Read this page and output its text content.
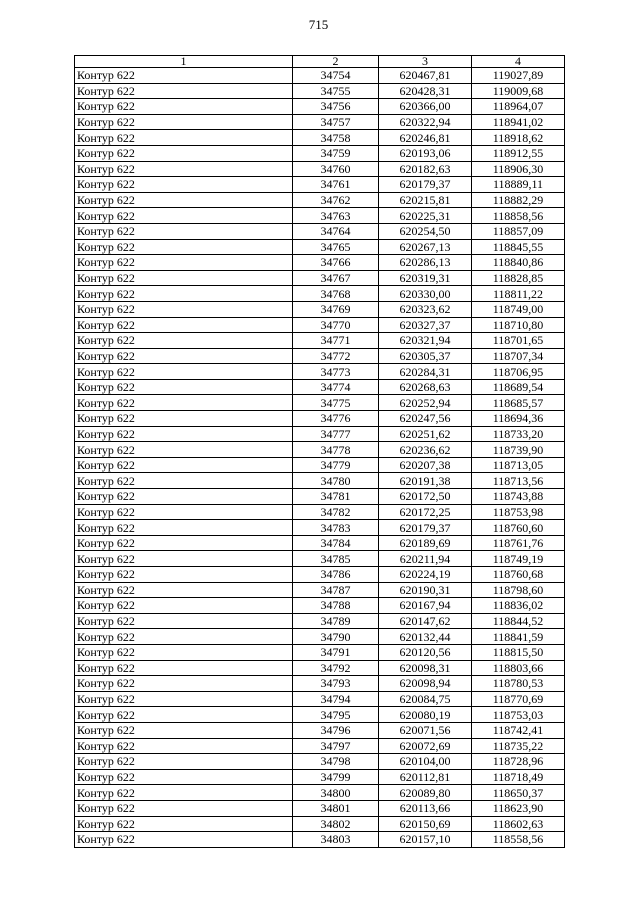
715
1	2	3	4
Контур 622	34754	620467,81	119027,89
Контур 622	34755	620428,31	119009,68
Контур 622	34756	620366,00	118964,07
Контур 622	34757	620322,94	118941,02
Контур 622	34758	620246,81	118918,62
Контур 622	34759	620193,06	118912,55
Контур 622	34760	620182,63	118906,30
Контур 622	34761	620179,37	118889,11
Контур 622	34762	620215,81	118882,29
Контур 622	34763	620225,31	118858,56
Контур 622	34764	620254,50	118857,09
Контур 622	34765	620267,13	118845,55
Контур 622	34766	620286,13	118840,86
Контур 622	34767	620319,31	118828,85
Контур 622	34768	620330,00	118811,22
Контур 622	34769	620323,62	118749,00
Контур 622	34770	620327,37	118710,80
Контур 622	34771	620321,94	118701,65
Контур 622	34772	620305,37	118707,34
Контур 622	34773	620284,31	118706,95
Контур 622	34774	620268,63	118689,54
Контур 622	34775	620252,94	118685,57
Контур 622	34776	620247,56	118694,36
Контур 622	34777	620251,62	118733,20
Контур 622	34778	620236,62	118739,90
Контур 622	34779	620207,38	118713,05
Контур 622	34780	620191,38	118713,56
Контур 622	34781	620172,50	118743,88
Контур 622	34782	620172,25	118753,98
Контур 622	34783	620179,37	118760,60
Контур 622	34784	620189,69	118761,76
Контур 622	34785	620211,94	118749,19
Контур 622	34786	620224,19	118760,68
Контур 622	34787	620190,31	118798,60
Контур 622	34788	620167,94	118836,02
Контур 622	34789	620147,62	118844,52
Контур 622	34790	620132,44	118841,59
Контур 622	34791	620120,56	118815,50
Контур 622	34792	620098,31	118803,66
Контур 622	34793	620098,94	118780,53
Контур 622	34794	620084,75	118770,69
Контур 622	34795	620080,19	118753,03
Контур 622	34796	620071,56	118742,41
Контур 622	34797	620072,69	118735,22
Контур 622	34798	620104,00	118728,96
Контур 622	34799	620112,81	118718,49
Контур 622	34800	620089,80	118650,37
Контур 622	34801	620113,66	118623,90
Контур 622	34802	620150,69	118602,63
Контур 622	34803	620157,10	118558,56
